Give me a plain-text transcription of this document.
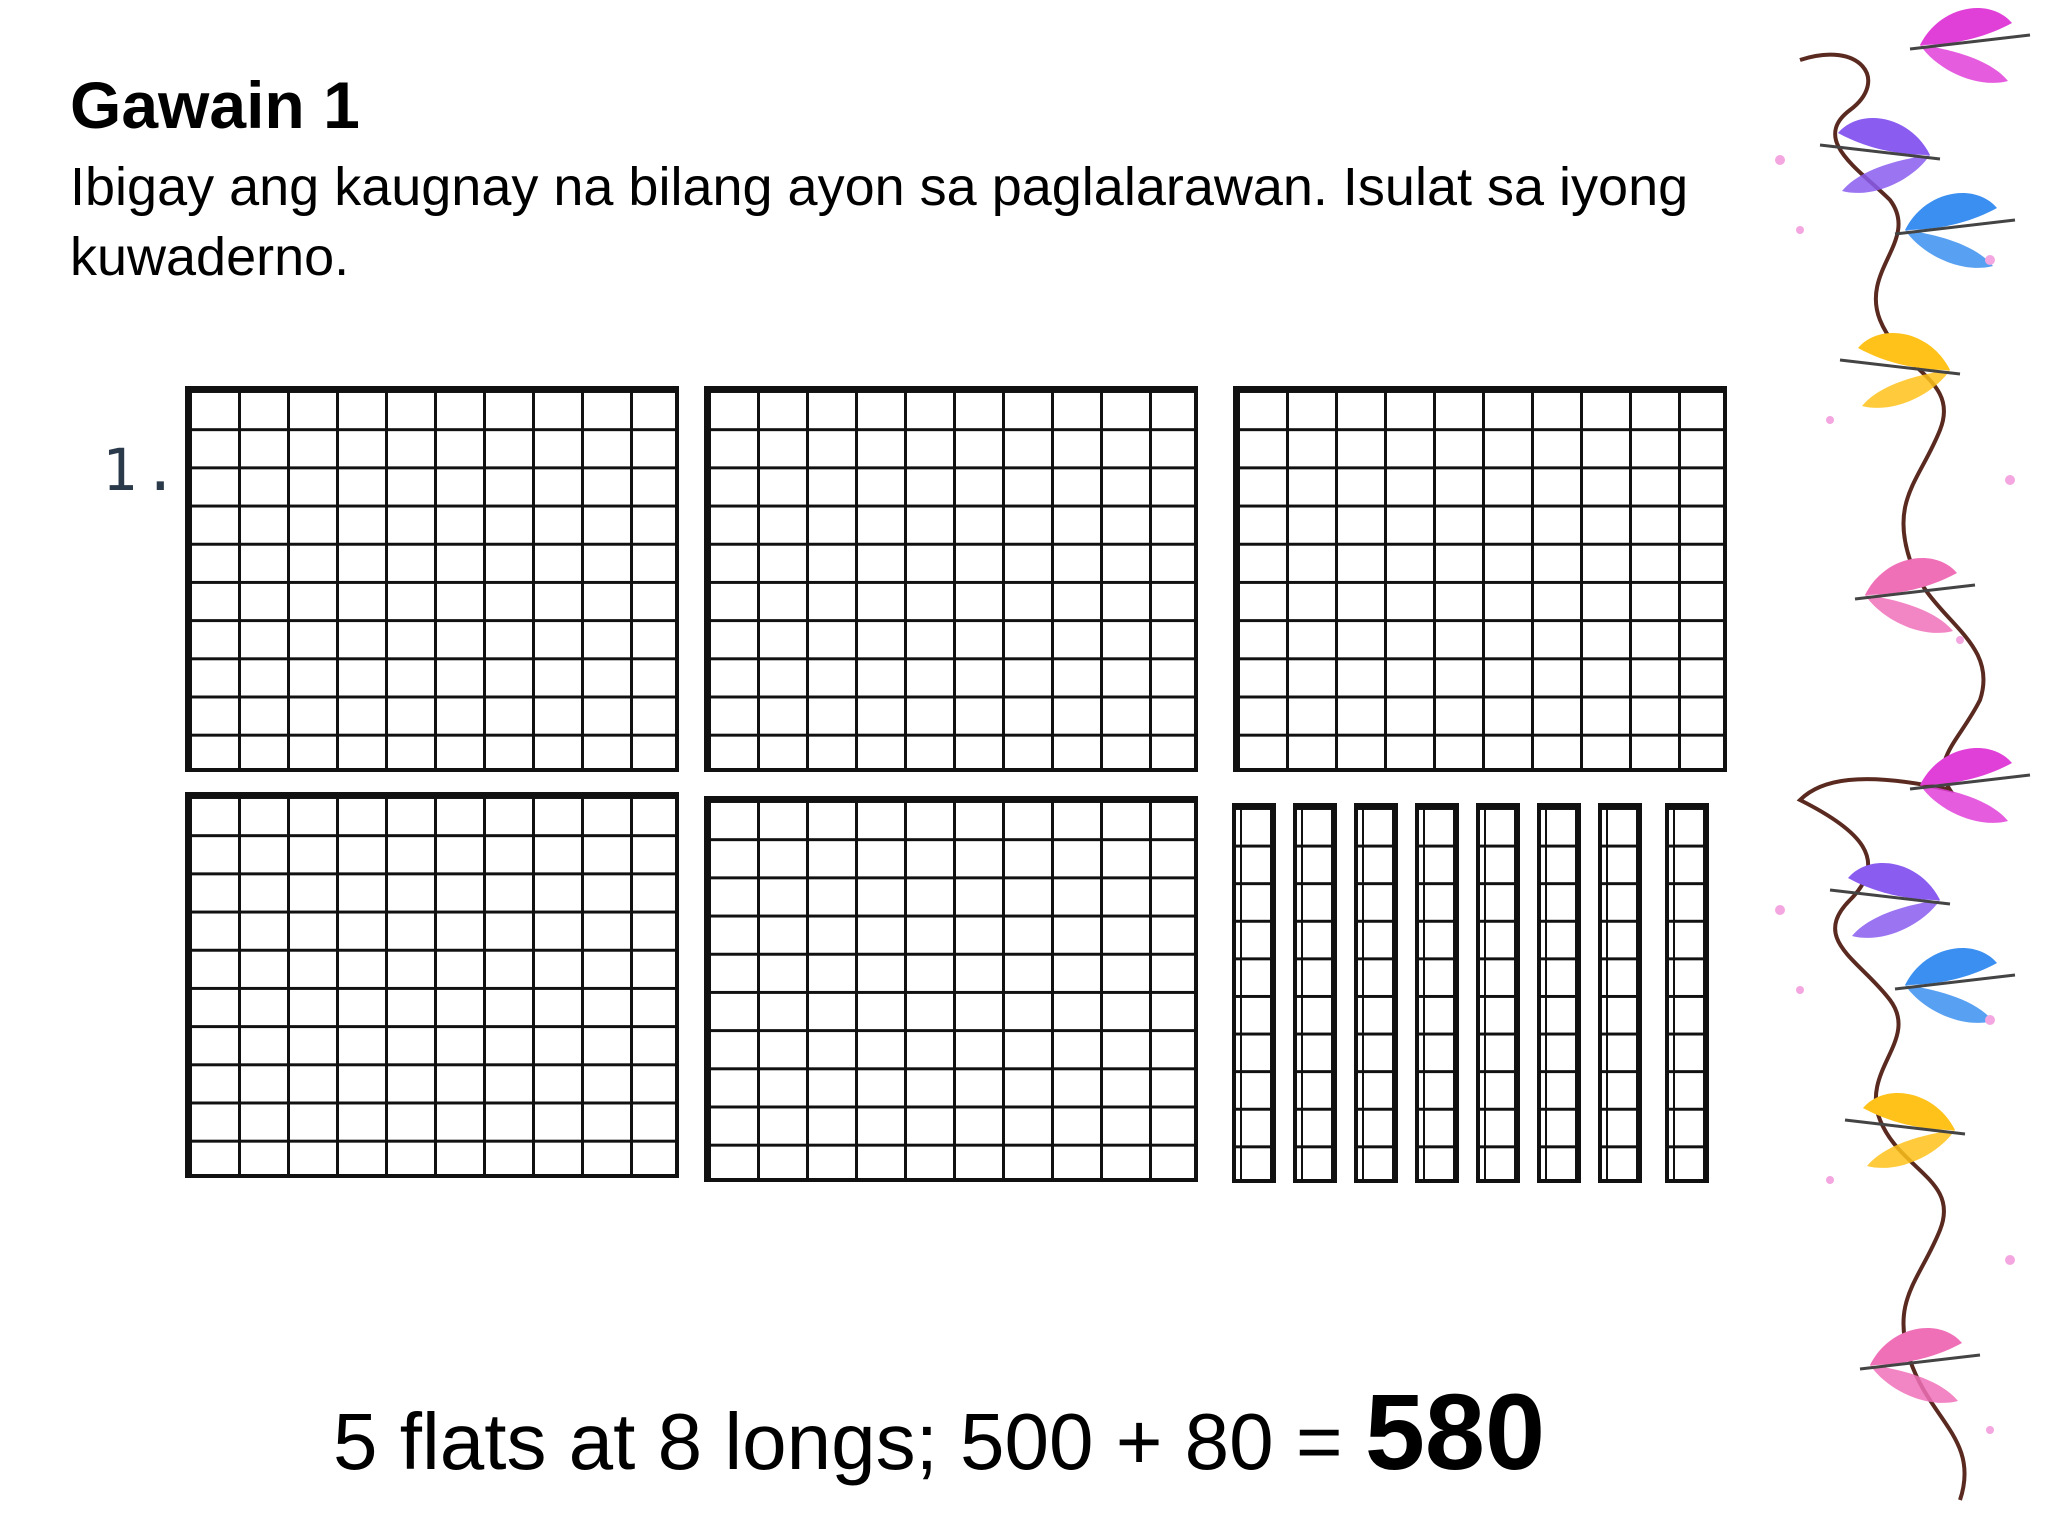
Gawain 1
Ibigay ang kaugnay na bilang ayon sa paglalarawan. Isulat sa iyong kuwaderno.
1.
5 flats at 8 longs; 500 + 80 = 580
